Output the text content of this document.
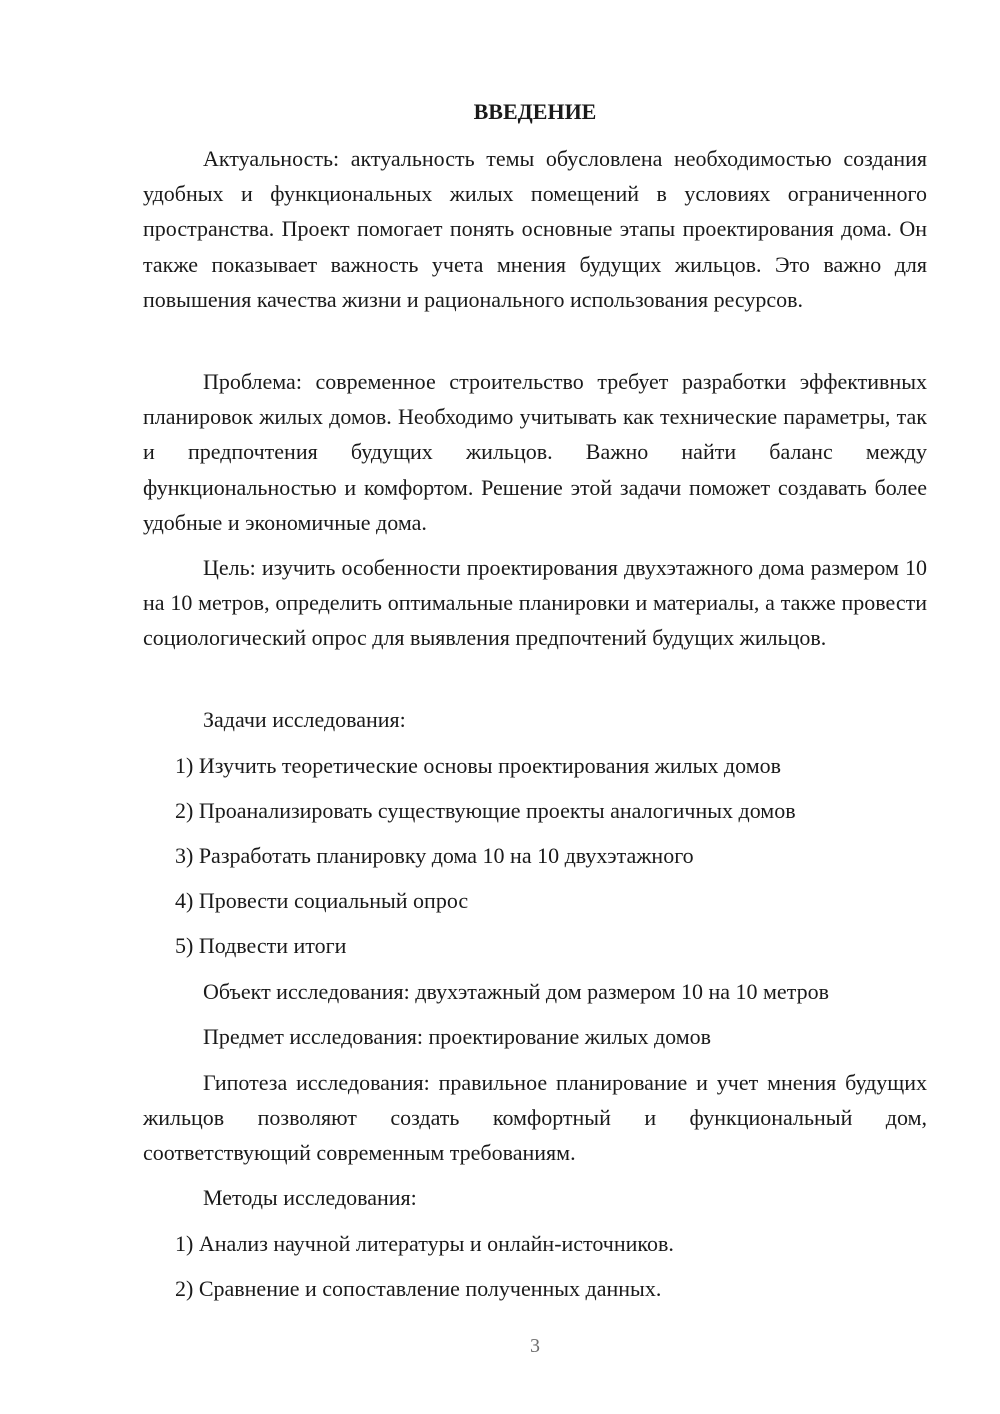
ВВЕДЕНИЕ

Актуальность: актуальность темы обусловлена необходимостью создания удобных и функциональных жилых помещений в условиях ограниченного пространства. Проект помогает понять основные этапы проектирования дома. Он также показывает важность учета мнения будущих жильцов. Это важно для повышения качества жизни и рационального использования ресурсов.

Проблема: современное строительство требует разработки эффективных планировок жилых домов. Необходимо учитывать как технические параметры, так и предпочтения будущих жильцов. Важно найти баланс между функциональностью и комфортом. Решение этой задачи поможет создавать более удобные и экономичные дома.

Цель: изучить особенности проектирования двухэтажного дома размером 10 на 10 метров, определить оптимальные планировки и материалы, а также провести социологический опрос для выявления предпочтений будущих жильцов.

Задачи исследования:
1) Изучить теоретические основы проектирования жилых домов
2) Проанализировать существующие проекты аналогичных домов
3) Разработать планировку дома 10 на 10 двухэтажного
4) Провести социальный опрос
5) Подвести итоги
Объект исследования: двухэтажный дом размером 10 на 10 метров
Предмет исследования: проектирование жилых домов

Гипотеза исследования: правильное планирование и учет мнения будущих жильцов позволяют создать комфортный и функциональный дом, соответствующий современным требованиям.

Методы исследования:
1) Анализ научной литературы и онлайн-источников.
2) Сравнение и сопоставление полученных данных.
3
